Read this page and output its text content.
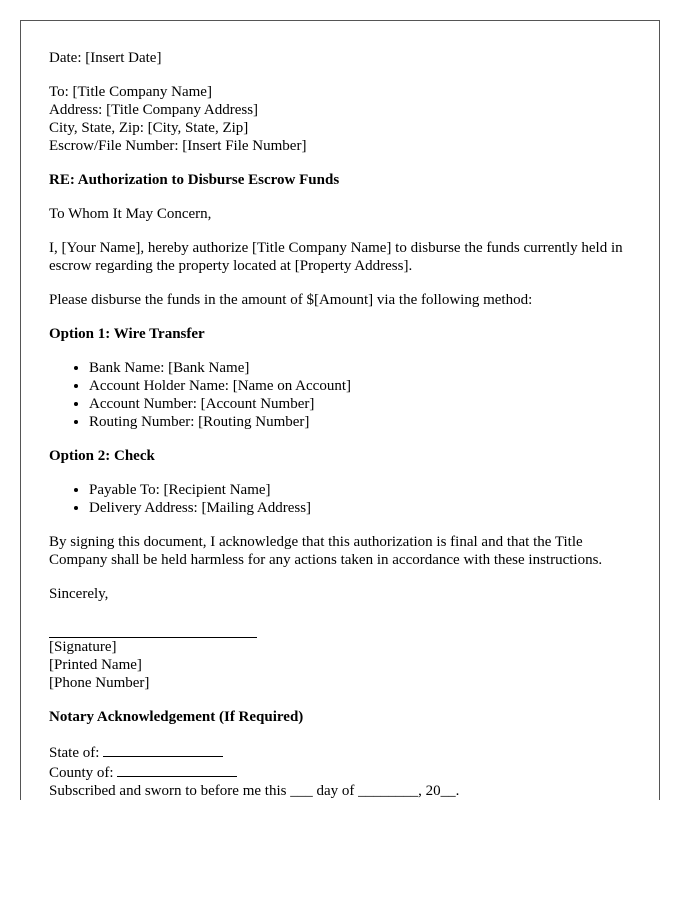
Date: [Insert Date]

To: [Title Company Name]
Address: [Title Company Address]
City, State, Zip: [City, State, Zip]
Escrow/File Number: [Insert File Number]

RE: Authorization to Disburse Escrow Funds

To Whom It May Concern,

I, [Your Name], hereby authorize [Title Company Name] to disburse the funds currently held in escrow regarding the property located at [Property Address].

Please disburse the funds in the amount of $[Amount] via the following method:

Option 1: Wire Transfer

• Bank Name: [Bank Name]
• Account Holder Name: [Name on Account]
• Account Number: [Account Number]
• Routing Number: [Routing Number]

Option 2: Check

• Payable To: [Recipient Name]
• Delivery Address: [Mailing Address]

By signing this document, I acknowledge that this authorization is final and that the Title Company shall be held harmless for any actions taken in accordance with these instructions.

Sincerely,

[Signature]
[Printed Name]
[Phone Number]

Notary Acknowledgement (If Required)

State of:
County of:
Subscribed and sworn to before me this ___ day of ________, 20__.
